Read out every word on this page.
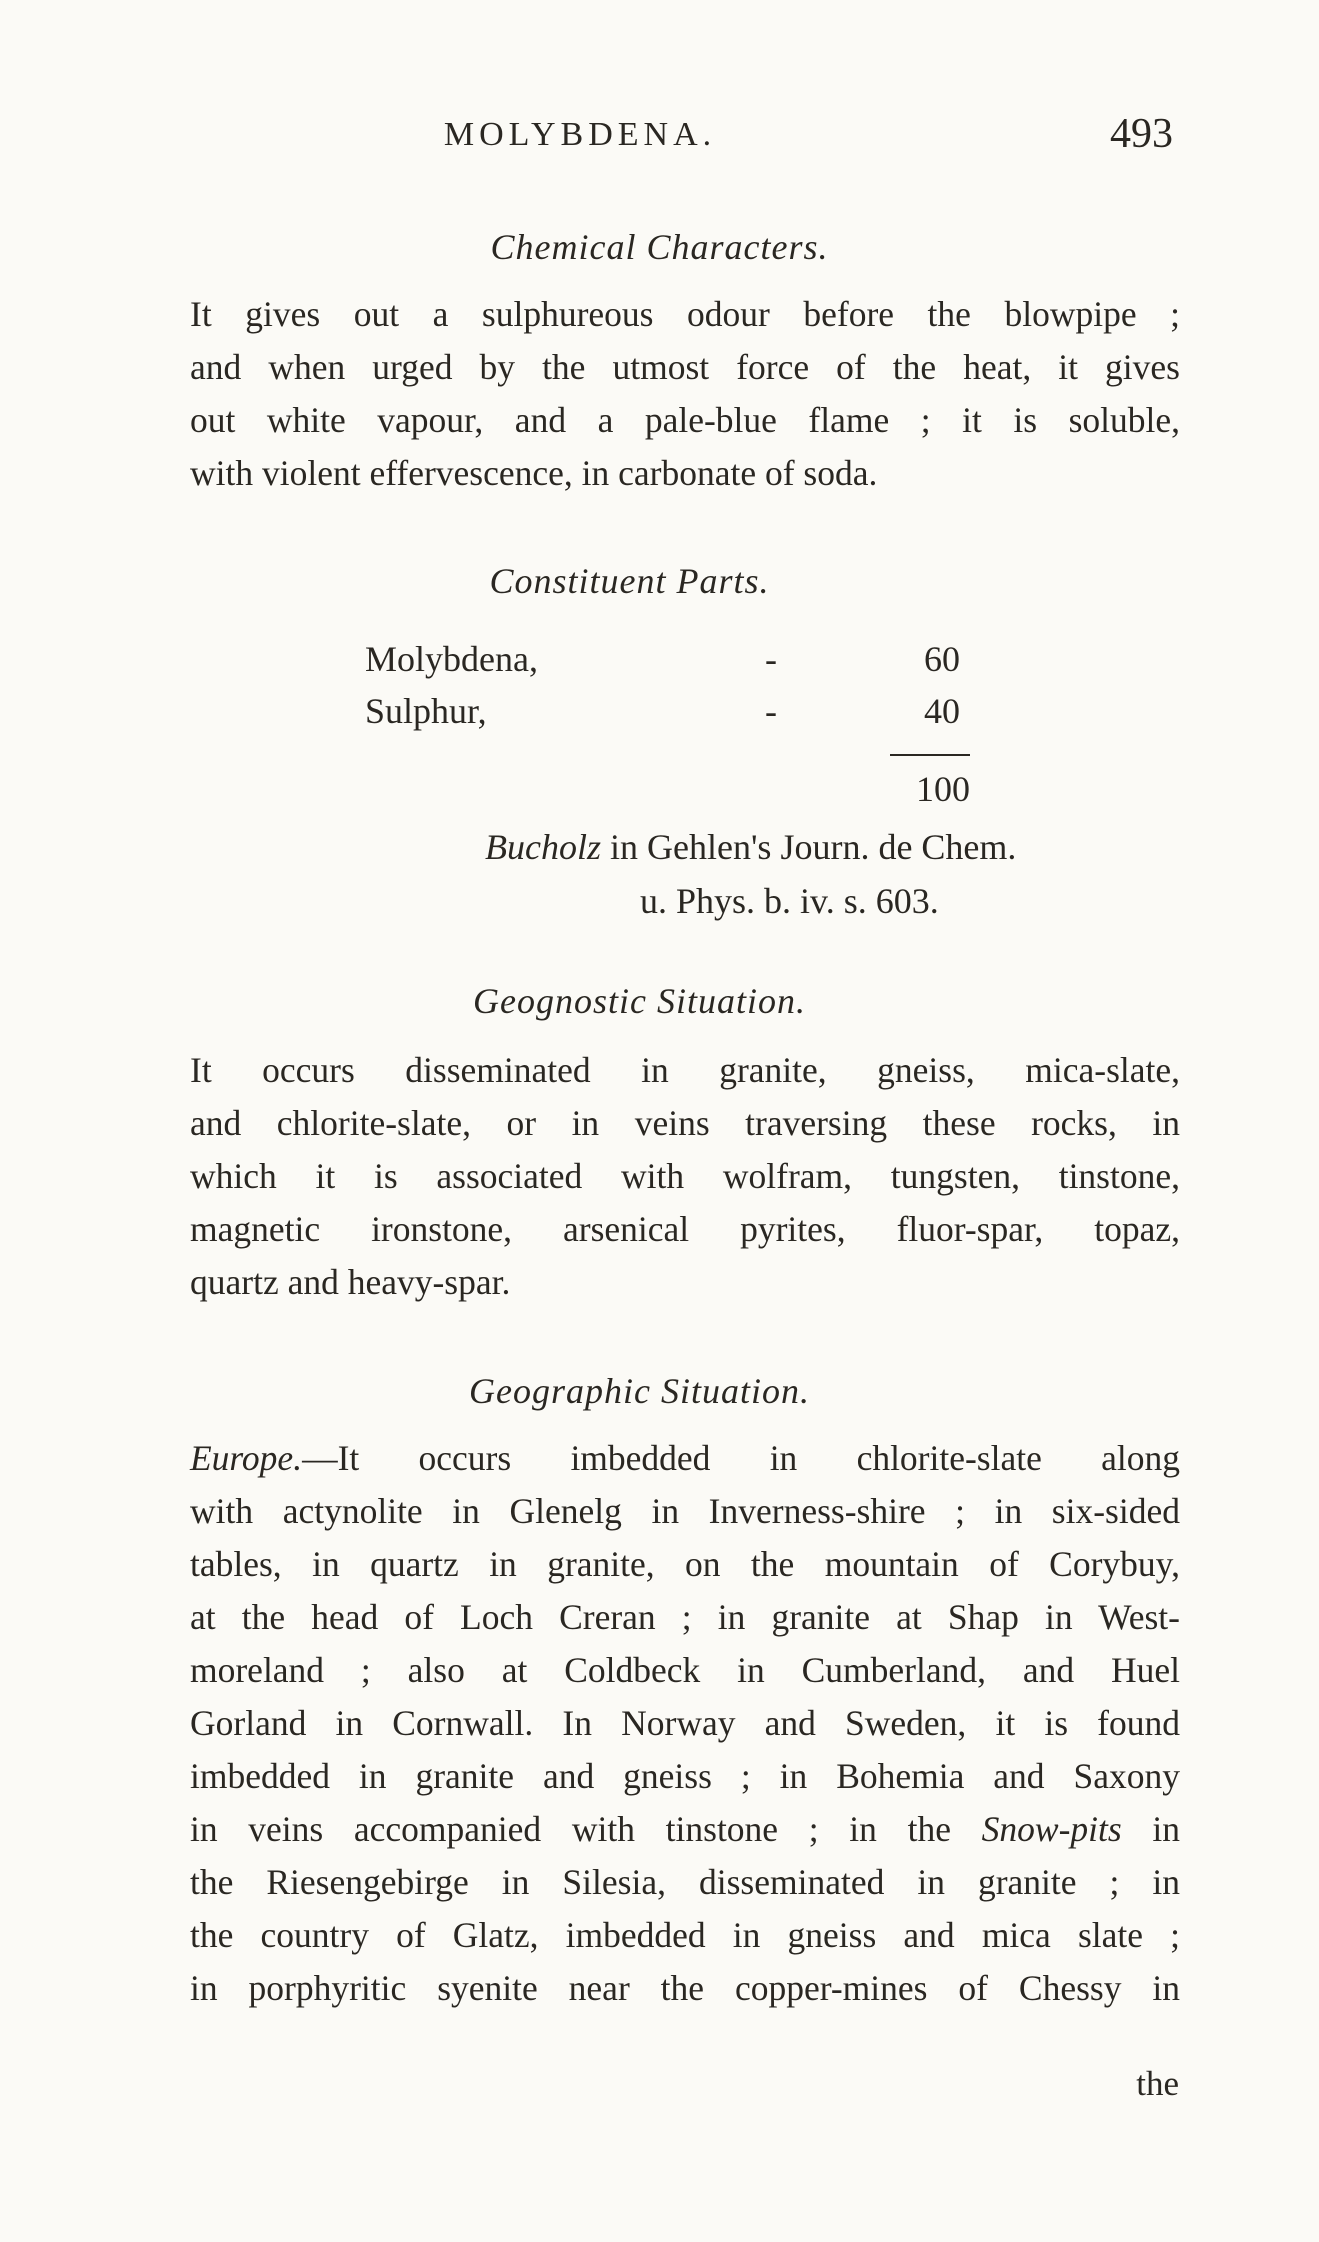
MOLYBDENA.	493
Chemical Characters.
It gives out a sulphureous odour before the blowpipe ;
and when urged by the utmost force of the heat, it gives
out white vapour, and a pale-blue flame ; it is soluble,
with violent effervescence, in carbonate of soda.
Constituent Parts.
Molybdena,	-	60
Sulphur,	-	40
100
Bucholz in Gehlen's Journ. de Chem.
u. Phys. b. iv. s. 603.
Geognostic Situation.
It occurs disseminated in granite, gneiss, mica-slate,
and chlorite-slate, or in veins traversing these rocks, in
which it is associated with wolfram, tungsten, tinstone,
magnetic ironstone, arsenical pyrites, fluor-spar, topaz,
quartz and heavy-spar.
Geographic Situation.
Europe.—It occurs imbedded in chlorite-slate along
with actynolite in Glenelg in Inverness-shire ; in six-sided
tables, in quartz in granite, on the mountain of Corybuy,
at the head of Loch Creran ; in granite at Shap in West-
moreland ; also at Coldbeck in Cumberland, and Huel
Gorland in Cornwall. In Norway and Sweden, it is found
imbedded in granite and gneiss ; in Bohemia and Saxony
in veins accompanied with tinstone ; in the Snow-pits in
the Riesengebirge in Silesia, disseminated in granite ; in
the country of Glatz, imbedded in gneiss and mica slate ;
in porphyritic syenite near the copper-mines of Chessy in
the
